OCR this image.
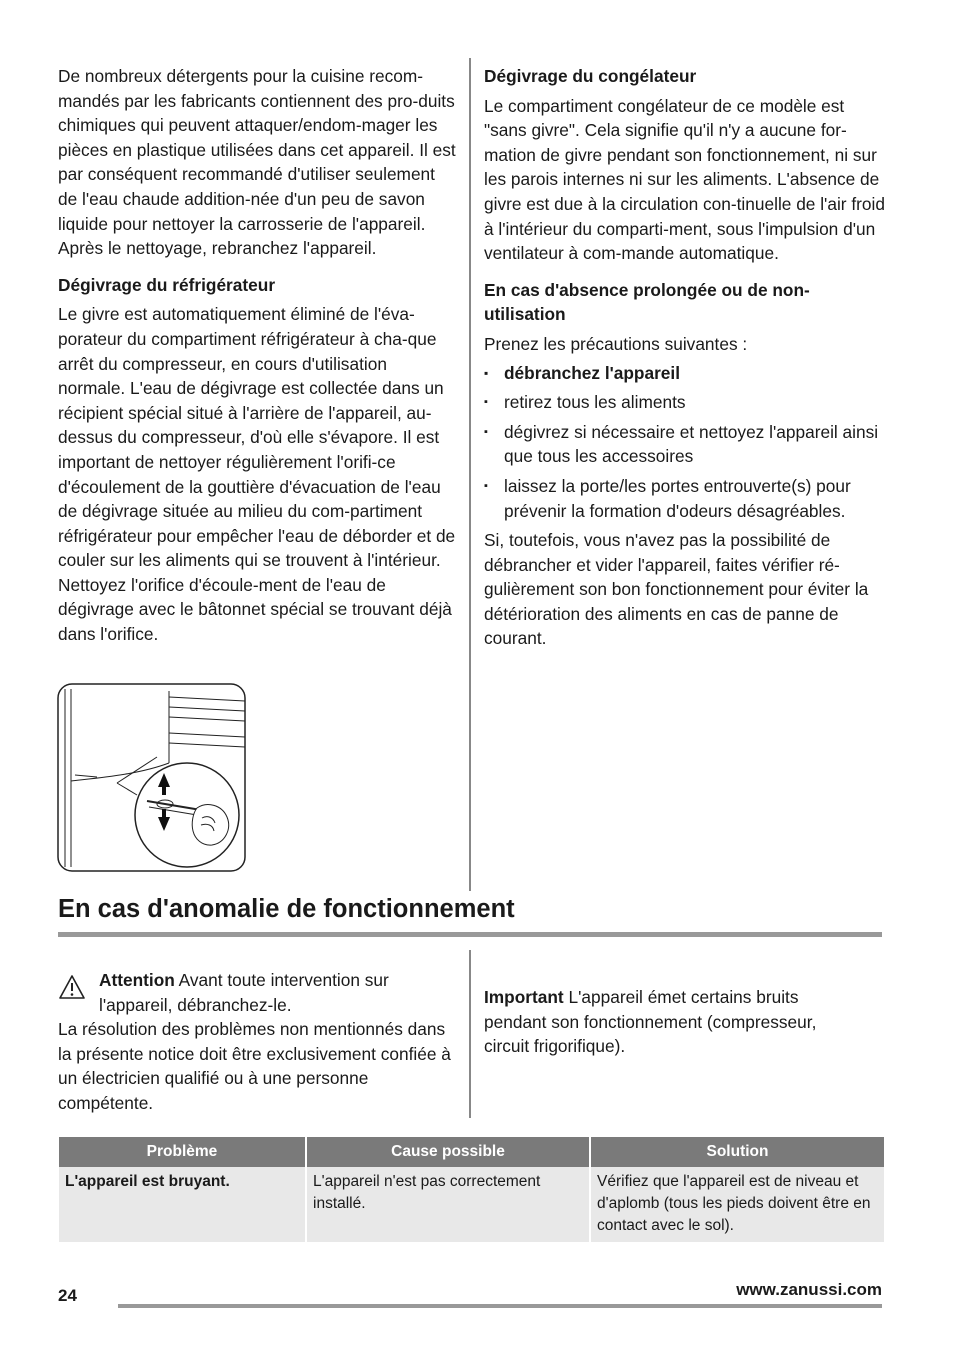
De nombreux détergents pour la cuisine recom-mandés par les fabricants contiennent des pro-duits chimiques qui peuvent attaquer/endom-mager les pièces en plastique utilisées dans cet appareil. Il est par conséquent recommandé d'utiliser seulement de l'eau chaude addition-née d'un peu de savon liquide pour nettoyer la carrosserie de l'appareil.

Après le nettoyage, rebranchez l'appareil.

Dégivrage du réfrigérateur

Le givre est automatiquement éliminé de l'éva-porateur du compartiment réfrigérateur à cha-que arrêt du compresseur, en cours d'utilisation normale. L'eau de dégivrage est collectée dans un récipient spécial situé à l'arrière de l'appareil, au-dessus du compresseur, d'où elle s'évapore. Il est important de nettoyer régulièrement l'orifi-ce d'écoulement de la gouttière d'évacuation de l'eau de dégivrage située au milieu du com-partiment réfrigérateur pour empêcher l'eau de déborder et de couler sur les aliments qui se trouvent à l'intérieur. Nettoyez l'orifice d'écoule-ment de l'eau de dégivrage avec le bâtonnet spécial se trouvant déjà dans l'orifice.

Dégivrage du congélateur

Le compartiment congélateur de ce modèle est "sans givre". Cela signifie qu'il n'y a aucune for-mation de givre pendant son fonctionnement, ni sur les parois internes ni sur les aliments. L'absence de givre est due à la circulation con-tinuelle de l'air froid à l'intérieur du comparti-ment, sous l'impulsion d'un ventilateur à com-mande automatique.

En cas d'absence prolongée ou de non-utilisation

Prenez les précautions suivantes :

▪ débranchez l'appareil
▪ retirez tous les aliments
▪ dégivrez si nécessaire et nettoyez l'appareil ainsi que tous les accessoires
▪ laissez la porte/les portes entrouverte(s) pour prévenir la formation d'odeurs désagréables.

Si, toutefois, vous n'avez pas la possibilité de débrancher et vider l'appareil, faites vérifier ré-gulièrement son bon fonctionnement pour éviter la détérioration des aliments en cas de panne de courant.

En cas d'anomalie de fonctionnement

Attention Avant toute intervention sur l'appareil, débranchez-le.

La résolution des problèmes non mentionnés dans la présente notice doit être exclusivement confiée à un électricien qualifié ou à une personne compétente.

Important L'appareil émet certains bruits pendant son fonctionnement (compresseur, circuit frigorifique).

Problème	Cause possible	Solution
L'appareil est bruyant.	L'appareil n'est pas correctement installé.	Vérifiez que l'appareil est de niveau et d'aplomb (tous les pieds doivent être en contact avec le sol).
24	www.zanussi.com
